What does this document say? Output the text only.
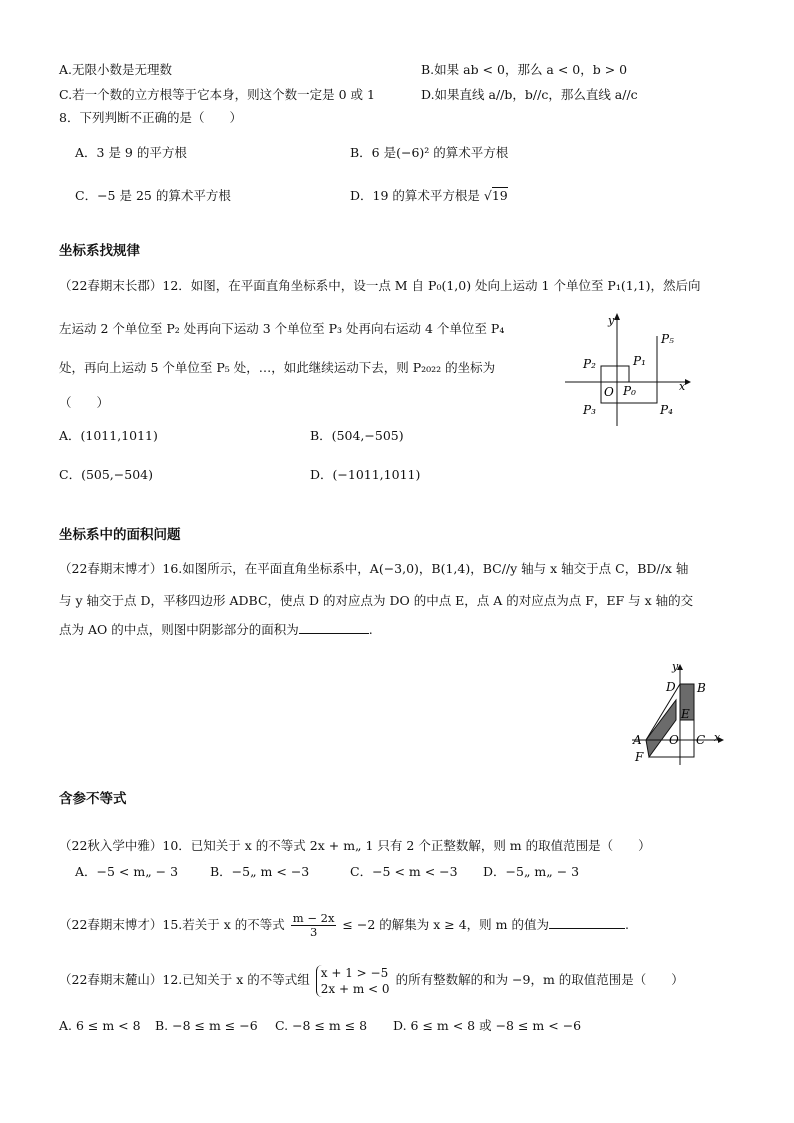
A.无限小数是无理数	B.如果 ab < 0，那么 a < 0，b > 0
C.若一个数的立方根等于它本身，则这个数一定是 0 或 1	D.如果直线 a//b，b//c，那么直线 a//c
8．下列判断不正确的是（　　）
A．3 是 9 的平方根	B．6 是(−6)² 的算术平方根
C．−5 是 25 的算术平方根	D．19 的算术平方根是 √19
坐标系找规律
（22春期末长郡）12．如图，在平面直角坐标系中，设一点 M 自 P₀(1,0) 处向上运动 1 个单位至 P₁(1,1)，然后向
左运动 2 个单位至 P₂ 处再向下运动 3 个单位至 P₃ 处再向右运动 4 个单位至 P₄
处，再向上运动 5 个单位至 P₅ 处，…，如此继续运动下去，则 P₂₀₂₂ 的坐标为
（　　）
A．(1011,1011)	B．(504,−505)
C．(505,−504)	D．(−1011,1011)
y
x
O P₀
P₁
P₂
P₃	P₄
P₅
坐标系中的面积问题
（22春期末博才）16.如图所示，在平面直角坐标系中，A(−3,0)，B(1,4)，BC//y 轴与 x 轴交于点 C，BD//x 轴
与 y 轴交于点 D，平移四边形 ADBC，使点 D 的对应点为 DO 的中点 E，点 A 的对应点为点 F，EF 与 x 轴的交
点为 AO 的中点，则图中阴影部分的面积为	.
y
x
D B
E
A O C
F
含参不等式
（22秋入学中雅）10．已知关于 x 的不等式 2x + m„ 1 只有 2 个正整数解，则 m 的取值范围是（　　）
A．−5 < m„ − 3	B．−5„ m < −3	C．−5 < m < −3 D．−5„ m„ − 3
（22春期末博才）15.若关于 x 的不等式 $\frac{m - 2x}{3} \le -2$ 的解集为 x ≥ 4，则 m 的值为	.
（22春期末麓山）12.已知关于 x 的不等式组 x + 1 > −5
2x + m < 0
的所有整数解的和为 −9，m 的取值范围是（　　）
A. 6 ≤ m < 8 B. −8 ≤ m ≤ −6 C. −8 ≤ m ≤ 8 D. 6 ≤ m < 8 或 −8 ≤ m < −6
